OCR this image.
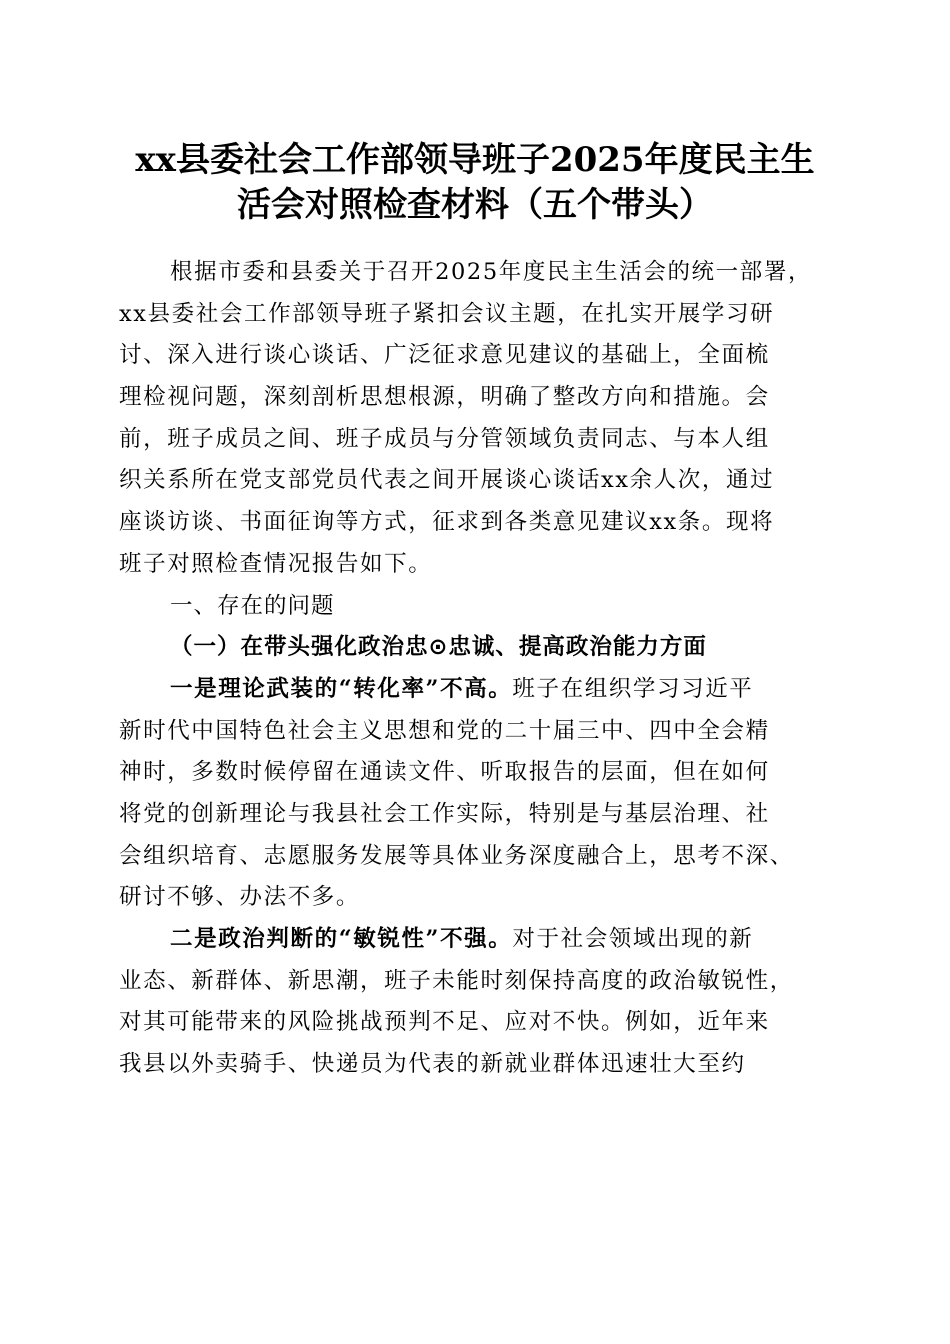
xx县委社会工作部领导班子2025年度民主生
活会对照检查材料（五个带头）
根据市委和县委关于召开2025年度民主生活会的统一部署，
xx县委社会工作部领导班子紧扣会议主题，在扎实开展学习研
讨、深入进行谈心谈话、广泛征求意见建议的基础上，全面梳
理检视问题，深刻剖析思想根源，明确了整改方向和措施。会
前，班子成员之间、班子成员与分管领域负责同志、与本人组
织关系所在党支部党员代表之间开展谈心谈话xx余人次，通过
座谈访谈、书面征询等方式，征求到各类意见建议xx条。现将
班子对照检查情况报告如下。
一、存在的问题
（一）在带头强化政治忠⊙忠诚、提高政治能力方面
一是理论武装的“转化率”不高。班子在组织学习习近平
新时代中国特色社会主义思想和党的二十届三中、四中全会精
神时，多数时候停留在通读文件、听取报告的层面，但在如何
将党的创新理论与我县社会工作实际，特别是与基层治理、社
会组织培育、志愿服务发展等具体业务深度融合上，思考不深、
研讨不够、办法不多。
二是政治判断的“敏锐性”不强。对于社会领域出现的新
业态、新群体、新思潮，班子未能时刻保持高度的政治敏锐性，
对其可能带来的风险挑战预判不足、应对不快。例如，近年来
我县以外卖骑手、快递员为代表的新就业群体迅速壮大至约
